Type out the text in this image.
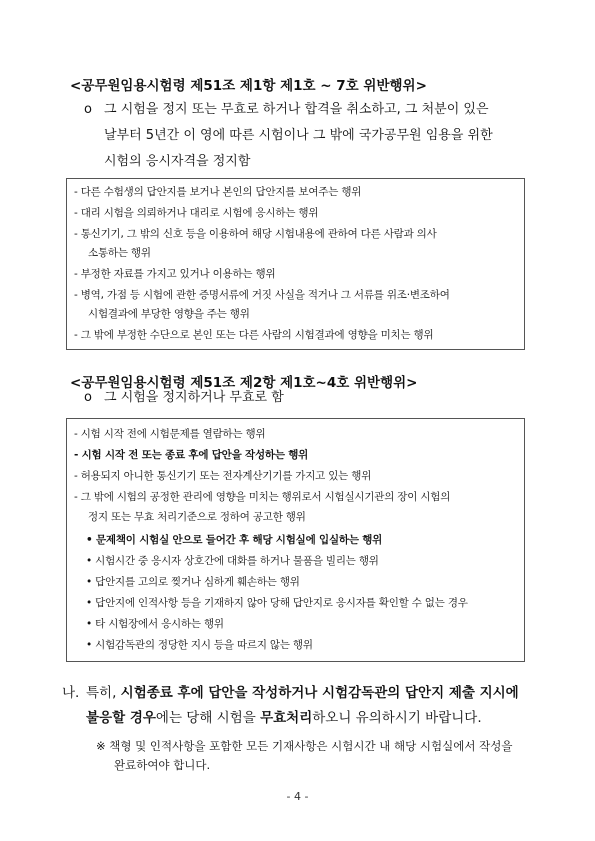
<공무원임용시험령 제51조 제1항 제1호 ~ 7호 위반행위>
o 그 시험을 정지 또는 무효로 하거나 합격을 취소하고, 그 처분이 있은
날부터 5년간 이 영에 따른 시험이나 그 밖에 국가공무원 임용을 위한
시험의 응시자격을 정지함
- 다른 수험생의 답안지를 보거나 본인의 답안지를 보여주는 행위
- 대리 시험을 의뢰하거나 대리로 시험에 응시하는 행위
- 통신기기, 그 밖의 신호 등을 이용하여 해당 시험내용에 관하여 다른 사람과 의사
소통하는 행위
- 부정한 자료를 가지고 있거나 이용하는 행위
- 병역, 가점 등 시험에 관한 증명서류에 거짓 사실을 적거나 그 서류를 위조·변조하여
시험결과에 부당한 영향을 주는 행위
- 그 밖에 부정한 수단으로 본인 또는 다른 사람의 시험결과에 영향을 미치는 행위
<공무원임용시험령 제51조 제2항 제1호~4호 위반행위>
o 그 시험을 정지하거나 무효로 함
- 시험 시작 전에 시험문제를 열람하는 행위
- 시험 시작 전 또는 종료 후에 답안을 작성하는 행위
- 허용되지 아니한 통신기기 또는 전자계산기기를 가지고 있는 행위
- 그 밖에 시험의 공정한 관리에 영향을 미치는 행위로서 시험실시기관의 장이 시험의
정지 또는 무효 처리기준으로 정하여 공고한 행위
• 문제책이 시험실 안으로 들어간 후 해당 시험실에 입실하는 행위
• 시험시간 중 응시자 상호간에 대화를 하거나 물품을 빌리는 행위
• 답안지를 고의로 찢거나 심하게 훼손하는 행위
• 답안지에 인적사항 등을 기재하지 않아 당해 답안지로 응시자를 확인할 수 없는 경우
• 타 시험장에서 응시하는 행위
• 시험감독관의 정당한 지시 등을 따르지 않는 행위
나. 특히, 시험종료 후에 답안을 작성하거나 시험감독관의 답안지 제출 지시에
불응할 경우에는 당해 시험을 무효처리하오니 유의하시기 바랍니다.
※ 책형 및 인적사항을 포함한 모든 기재사항은 시험시간 내 해당 시험실에서 작성을
완료하여야 합니다.
- 4 -
